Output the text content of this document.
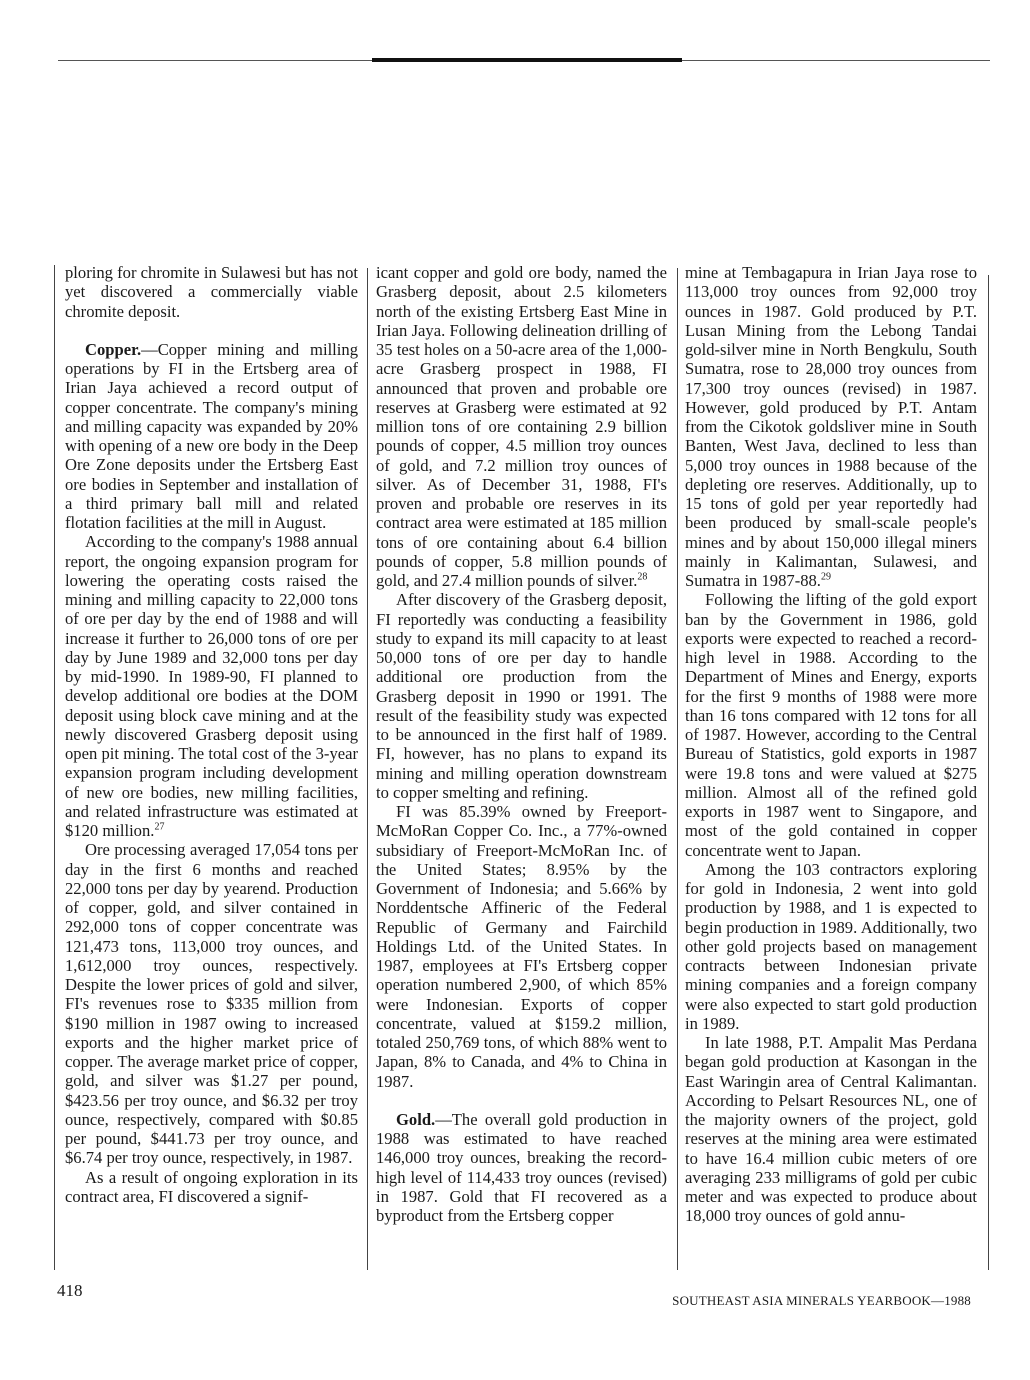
ploring for chromite in Sulawesi but has not yet discovered a commercially viable chromite deposit.

Copper.—Copper mining and milling operations by FI in the Ertsberg area of Irian Jaya achieved a record output of copper concentrate. The company's mining and milling capacity was expanded by 20% with opening of a new ore body in the Deep Ore Zone deposits under the Ertsberg East ore bodies in September and installation of a third primary ball mill and related flotation facilities at the mill in August.

According to the company's 1988 annual report, the ongoing expansion program for lowering the operating costs raised the mining and milling capacity to 22,000 tons of ore per day by the end of 1988 and will increase it further to 26,000 tons of ore per day by June 1989 and 32,000 tons per day by mid-1990. In 1989-90, FI planned to develop additional ore bodies at the DOM deposit using block cave mining and at the newly discovered Grasberg deposit using open pit mining. The total cost of the 3-year expansion program including development of new ore bodies, new milling facilities, and related infrastructure was estimated at $120 million.$^{27}$

Ore processing averaged 17,054 tons per day in the first 6 months and reached 22,000 tons per day by yearend. Production of copper, gold, and silver contained in 292,000 tons of copper concentrate was 121,473 tons, 113,000 troy ounces, and 1,612,000 troy ounces, respectively. Despite the lower prices of gold and silver, FI's revenues rose to $335 million from $190 million in 1987 owing to increased exports and the higher market price of copper. The average market price of copper, gold, and silver was $1.27 per pound, $423.56 per troy ounce, and $6.32 per troy ounce, respectively, compared with $0.85 per pound, $441.73 per troy ounce, and $6.74 per troy ounce, respectively, in 1987.

As a result of ongoing exploration in its contract area, FI discovered a signif-

icant copper and gold ore body, named the Grasberg deposit, about 2.5 kilometers north of the existing Ertsberg East Mine in Irian Jaya. Following delineation drilling of 35 test holes on a 50-acre area of the 1,000-acre Grasberg prospect in 1988, FI announced that proven and probable ore reserves at Grasberg were estimated at 92 million tons of ore containing 2.9 billion pounds of copper, 4.5 million troy ounces of gold, and 7.2 million troy ounces of silver. As of December 31, 1988, FI's proven and probable ore reserves in its contract area were estimated at 185 million tons of ore containing about 6.4 billion pounds of copper, 5.8 million pounds of gold, and 27.4 million pounds of silver.$^{28}$

After discovery of the Grasberg deposit, FI reportedly was conducting a feasibility study to expand its mill capacity to at least 50,000 tons of ore per day to handle additional ore production from the Grasberg deposit in 1990 or 1991. The result of the feasibility study was expected to be announced in the first half of 1989. FI, however, has no plans to expand its mining and milling operation downstream to copper smelting and refining.

FI was 85.39% owned by Freeport-McMoRan Copper Co. Inc., a 77%-owned subsidiary of Freeport-McMoRan Inc. of the United States; 8.95% by the Government of Indonesia; and 5.66% by Norddentsche Affineric of the Federal Republic of Germany and Fairchild Holdings Ltd. of the United States. In 1987, employees at FI's Ertsberg copper operation numbered 2,900, of which 85% were Indonesian. Exports of copper concentrate, valued at $159.2 million, totaled 250,769 tons, of which 88% went to Japan, 8% to Canada, and 4% to China in 1987.

Gold.—The overall gold production in 1988 was estimated to have reached 146,000 troy ounces, breaking the record-high level of 114,433 troy ounces (revised) in 1987. Gold that FI recovered as a byproduct from the Ertsberg copper

mine at Tembagapura in Irian Jaya rose to 113,000 troy ounces from 92,000 troy ounces in 1987. Gold produced by P.T. Lusan Mining from the Lebong Tandai gold-silver mine in North Bengkulu, South Sumatra, rose to 28,000 troy ounces from 17,300 troy ounces (revised) in 1987. However, gold produced by P.T. Antam from the Cikotok goldsliver mine in South Banten, West Java, declined to less than 5,000 troy ounces in 1988 because of the depleting ore reserves. Additionally, up to 15 tons of gold per year reportedly had been produced by small-scale people's mines and by about 150,000 illegal miners mainly in Kalimantan, Sulawesi, and Sumatra in 1987-88.29

Following the lifting of the gold export ban by the Government in 1986, gold exports were expected to reached a record-high level in 1988. According to the Department of Mines and Energy, exports for the first 9 months of 1988 were more than 16 tons compared with 12 tons for all of 1987. However, according to the Central Bureau of Statistics, gold exports in 1987 were 19.8 tons and were valued at $275 million. Almost all of the refined gold exports in 1987 went to Singapore, and most of the gold contained in copper concentrate went to Japan.

Among the 103 contractors exploring for gold in Indonesia, 2 went into gold production by 1988, and 1 is expected to begin production in 1989. Additionally, two other gold projects based on management contracts between Indonesian private mining companies and a foreign company were also expected to start gold production in 1989.

In late 1988, P.T. Ampalit Mas Perdana began gold production at Kasongan in the East Waringin area of Central Kalimantan. According to Pelsart Resources NL, one of the majority owners of the project, gold reserves at the mining area were estimated to have 16.4 million cubic meters of ore averaging 233 milligrams of gold per cubic meter and was expected to produce about 18,000 troy ounces of gold annu-

418
SOUTHEAST ASIA MINERALS YEARBOOK—1988
